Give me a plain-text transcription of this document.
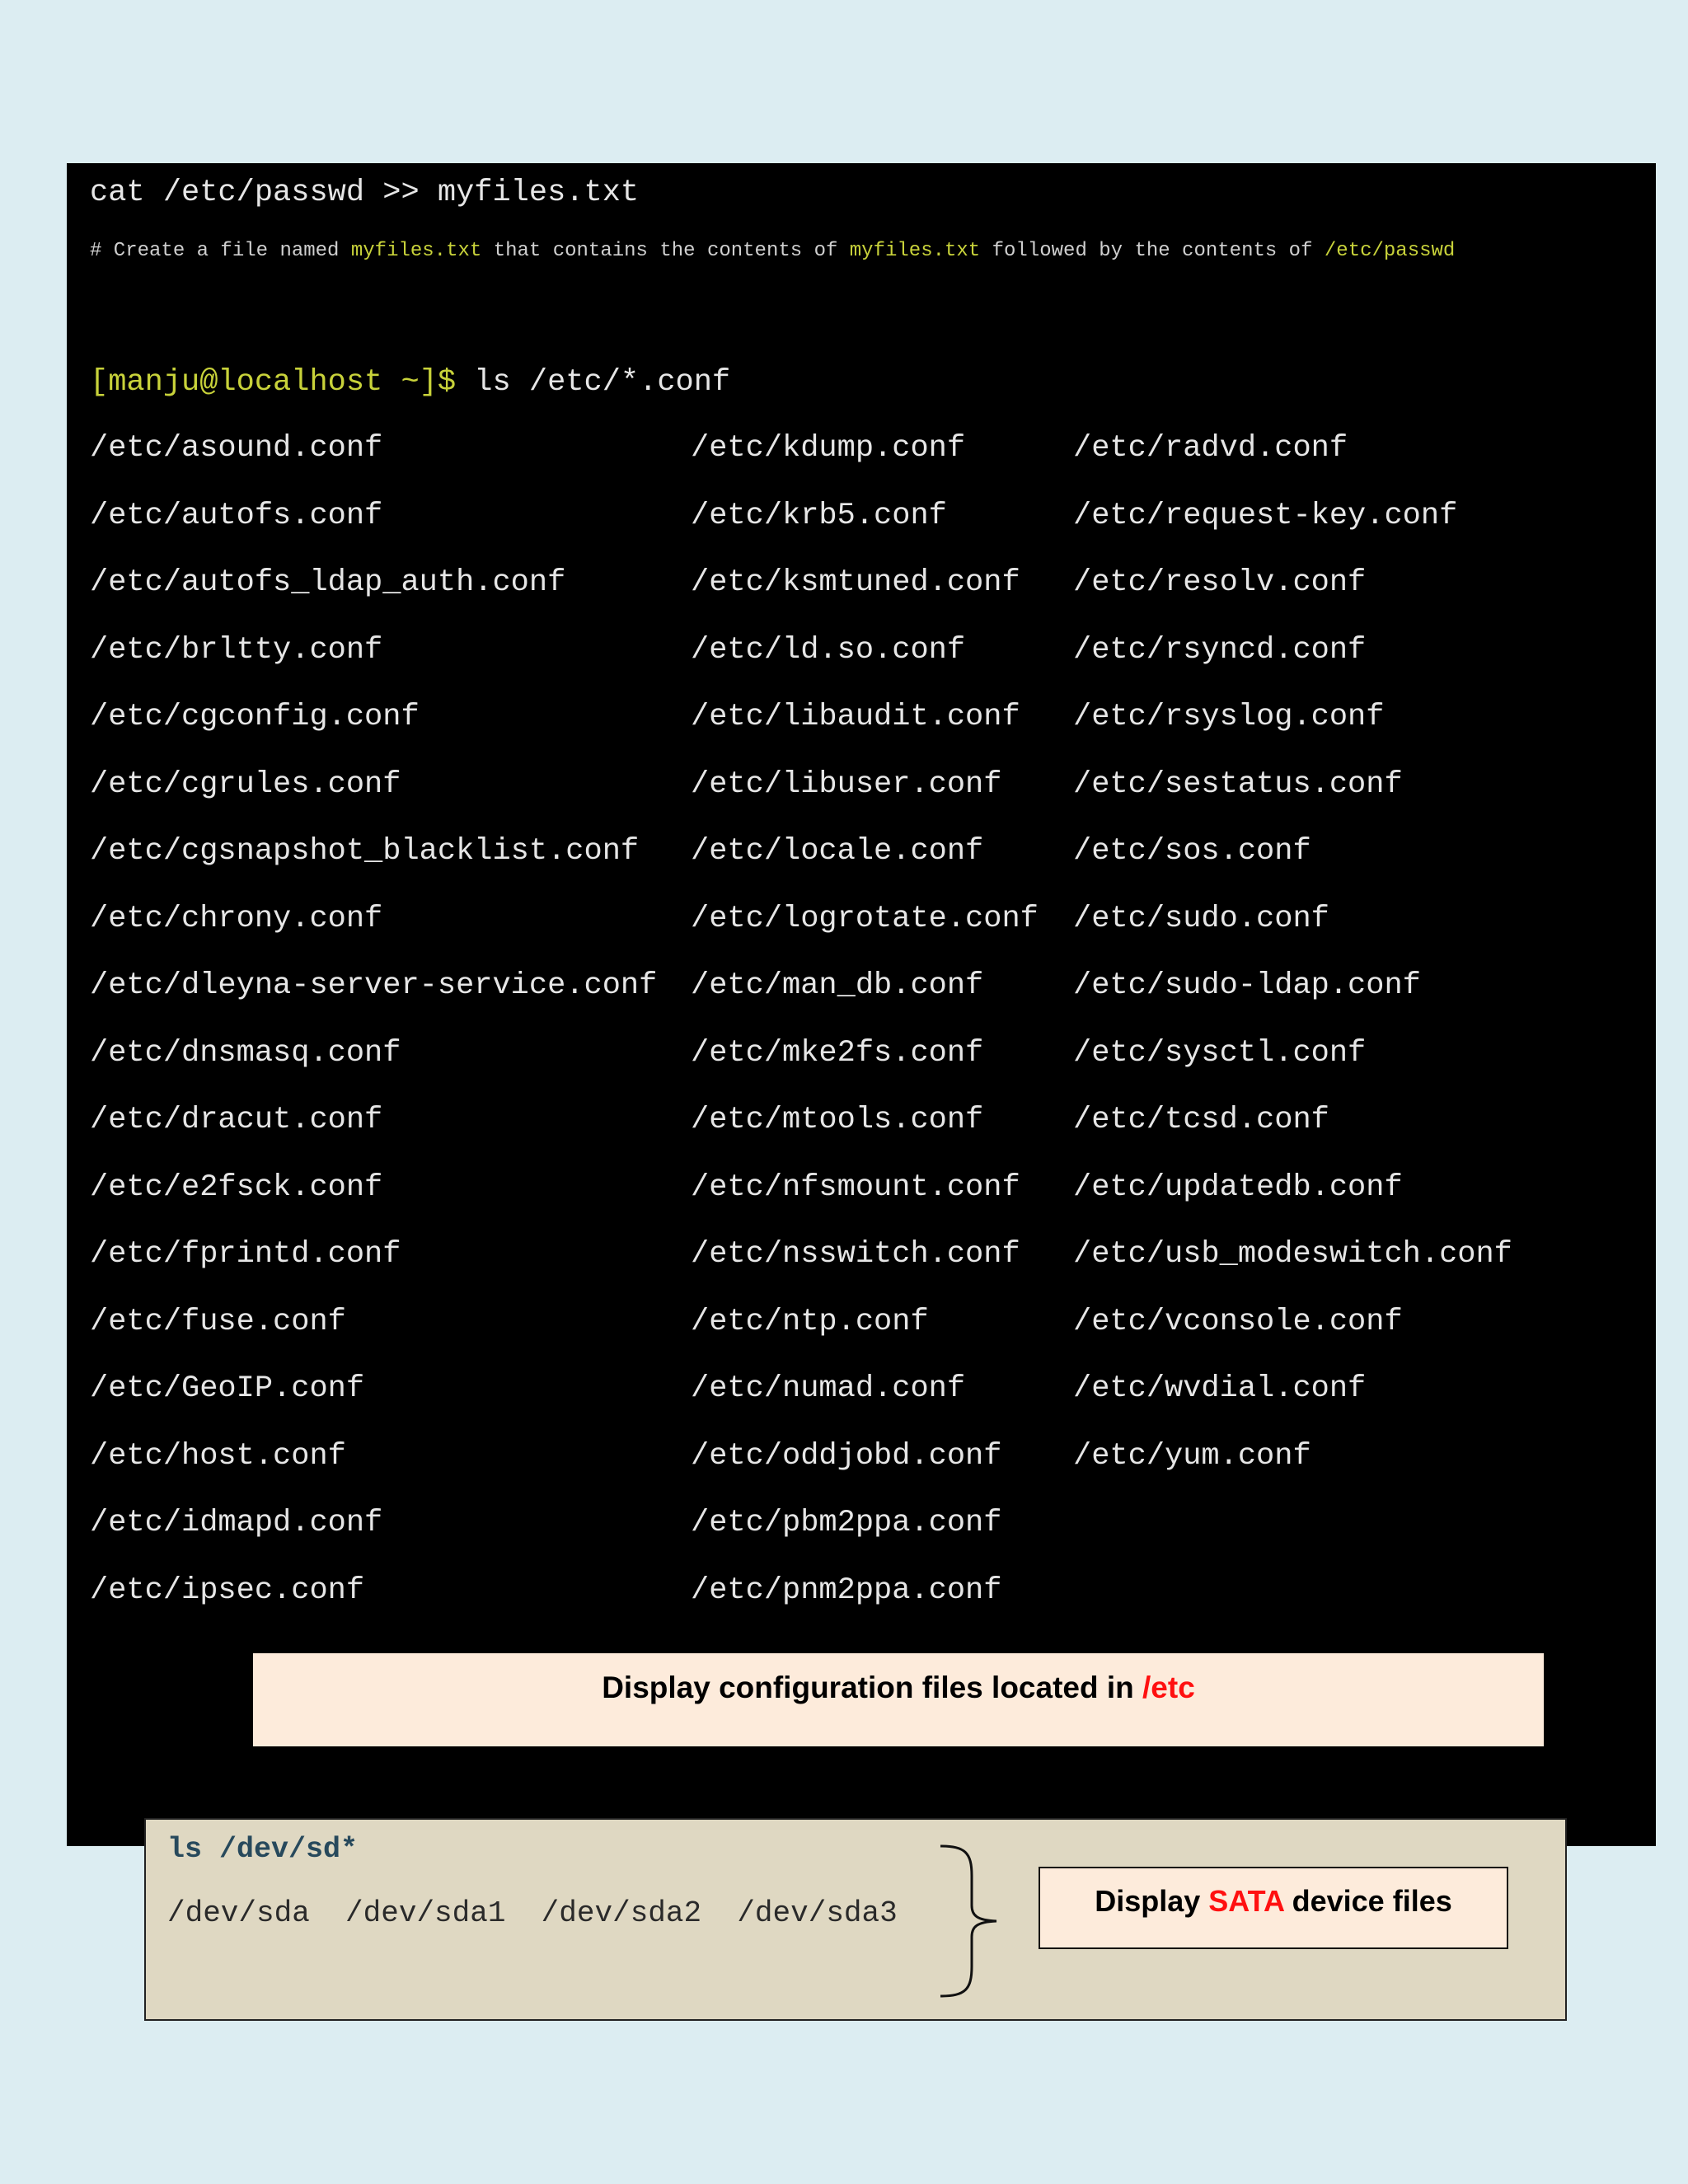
cat /etc/passwd >> myfiles.txt
# Create a file named myfiles.txt that contains the contents of myfiles.txt followed by the contents of /etc/passwd
[manju@localhost ~]$ ls /etc/*.conf
/etc/asound.conf
/etc/autofs.conf
/etc/autofs_ldap_auth.conf
/etc/brltty.conf
/etc/cgconfig.conf
/etc/cgrules.conf
/etc/cgsnapshot_blacklist.conf
/etc/chrony.conf
/etc/dleyna-server-service.conf
/etc/dnsmasq.conf
/etc/dracut.conf
/etc/e2fsck.conf
/etc/fprintd.conf
/etc/fuse.conf
/etc/GeoIP.conf
/etc/host.conf
/etc/idmapd.conf
/etc/ipsec.conf
/etc/kdump.conf
/etc/krb5.conf
/etc/ksmtuned.conf
/etc/ld.so.conf
/etc/libaudit.conf
/etc/libuser.conf
/etc/locale.conf
/etc/logrotate.conf
/etc/man_db.conf
/etc/mke2fs.conf
/etc/mtools.conf
/etc/nfsmount.conf
/etc/nsswitch.conf
/etc/ntp.conf
/etc/numad.conf
/etc/oddjobd.conf
/etc/pbm2ppa.conf
/etc/pnm2ppa.conf
/etc/radvd.conf
/etc/request-key.conf
/etc/resolv.conf
/etc/rsyncd.conf
/etc/rsyslog.conf
/etc/sestatus.conf
/etc/sos.conf
/etc/sudo.conf
/etc/sudo-ldap.conf
/etc/sysctl.conf
/etc/tcsd.conf
/etc/updatedb.conf
/etc/usb_modeswitch.conf
/etc/vconsole.conf
/etc/wvdial.conf
/etc/yum.conf
Display configuration files located in /etc
ls /dev/sd*
/dev/sda  /dev/sda1  /dev/sda2  /dev/sda3	Display SATA device files
